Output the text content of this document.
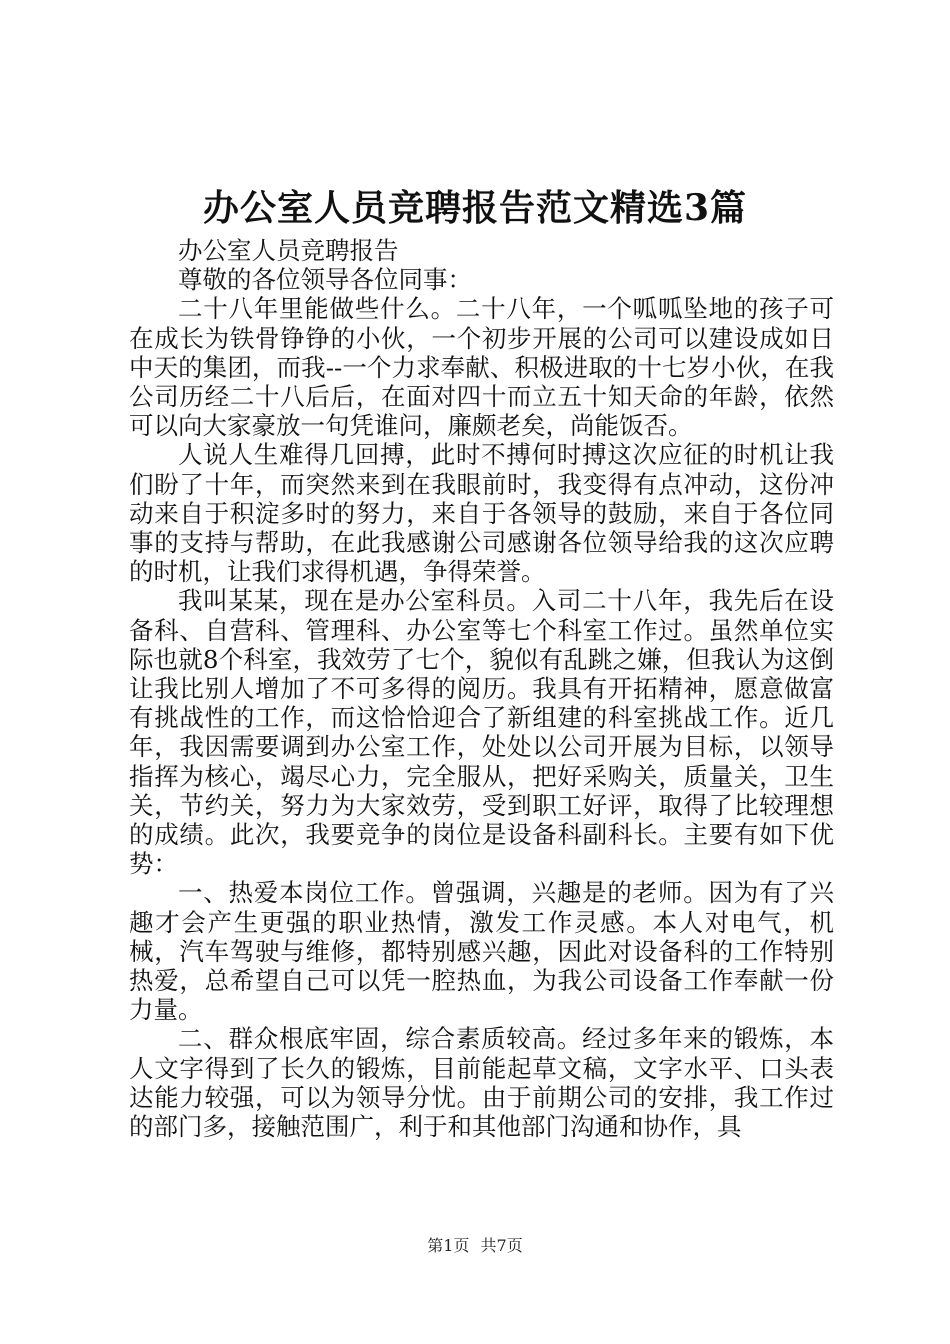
办公室人员竞聘报告范文精选3篇

办公室人员竞聘报告

尊敬的各位领导各位同事：

二十八年里能做些什么。二十八年，一个呱呱坠地的孩子可在成长为铁骨铮铮的小伙，一个初步开展的公司可以建设成如日中天的集团，而我--一个力求奉献、积极进取的十七岁小伙，在我公司历经二十八后后，在面对四十而立五十知天命的年龄，依然可以向大家豪放一句凭谁问，廉颇老矣，尚能饭否。

人说人生难得几回搏，此时不搏何时搏这次应征的时机让我们盼了十年，而突然来到在我眼前时，我变得有点冲动，这份冲动来自于积淀多时的努力，来自于各领导的鼓励，来自于各位同事的支持与帮助，在此我感谢公司感谢各位领导给我的这次应聘的时机，让我们求得机遇，争得荣誉。

我叫某某，现在是办公室科员。入司二十八年，我先后在设备科、自营科、管理科、办公室等七个科室工作过。虽然单位实际也就8个科室，我效劳了七个，貌似有乱跳之嫌，但我认为这倒让我比别人增加了不可多得的阅历。我具有开拓精神，愿意做富有挑战性的工作，而这恰恰迎合了新组建的科室挑战工作。近几年，我因需要调到办公室工作，处处以公司开展为目标，以领导指挥为核心，竭尽心力，完全服从，把好采购关，质量关，卫生关，节约关，努力为大家效劳，受到职工好评，取得了比较理想的成绩。此次，我要竞争的岗位是设备科副科长。主要有如下优势：

一、热爱本岗位工作。曾强调，兴趣是的老师。因为有了兴趣才会产生更强的职业热情，激发工作灵感。本人对电气，机械，汽车驾驶与维修，都特别感兴趣，因此对设备科的工作特别热爱，总希望自己可以凭一腔热血，为我公司设备工作奉献一份力量。

二、群众根底牢固，综合素质较高。经过多年来的锻炼，本人文字得到了长久的锻炼，目前能起草文稿，文字水平、口头表达能力较强，可以为领导分忧。由于前期公司的安排，我工作过的部门多，接触范围广，利于和其他部门沟通和协作，具

第1页 共7页
